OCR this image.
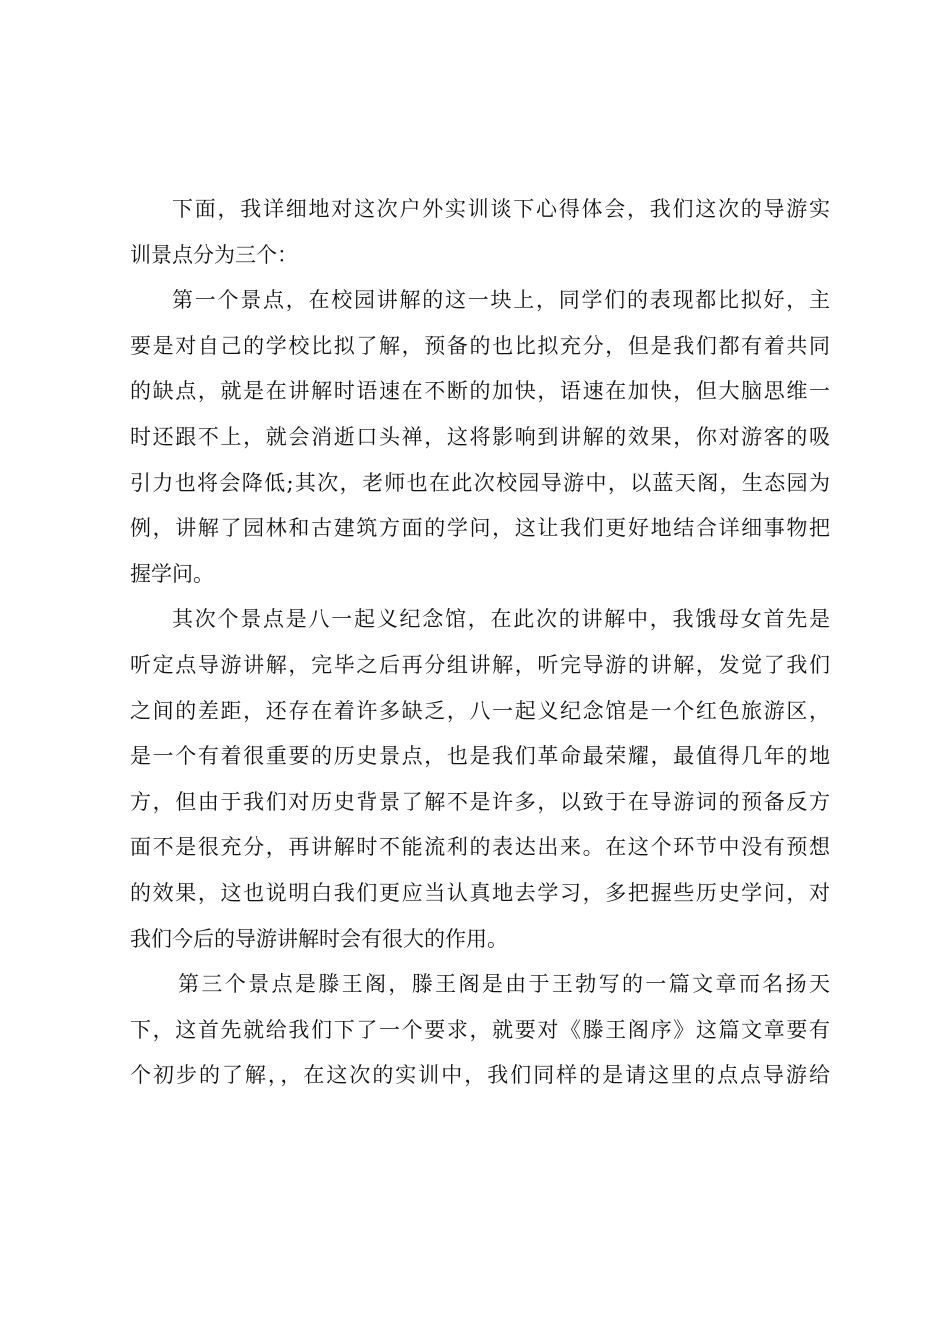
下面，我详细地对这次户外实训谈下心得体会，我们这次的导游实
训景点分为三个：
第一个景点，在校园讲解的这一块上，同学们的表现都比拟好，主
要是对自己的学校比拟了解，预备的也比拟充分，但是我们都有着共同
的缺点，就是在讲解时语速在不断的加快，语速在加快，但大脑思维一
时还跟不上，就会消逝口头禅，这将影响到讲解的效果，你对游客的吸
引力也将会降低;其次，老师也在此次校园导游中，以蓝天阁，生态园为
例，讲解了园林和古建筑方面的学问，这让我们更好地结合详细事物把
握学问。
其次个景点是八一起义纪念馆，在此次的讲解中，我饿母女首先是
听定点导游讲解，完毕之后再分组讲解，听完导游的讲解，发觉了我们
之间的差距，还存在着许多缺乏，八一起义纪念馆是一个红色旅游区，
是一个有着很重要的历史景点，也是我们革命最荣耀，最值得几年的地
方，但由于我们对历史背景了解不是许多，以致于在导游词的预备反方
面不是很充分，再讲解时不能流利的表达出来。在这个环节中没有预想
的效果，这也说明白我们更应当认真地去学习，多把握些历史学问，对
我们今后的导游讲解时会有很大的作用。
第三个景点是滕王阁，滕王阁是由于王勃写的一篇文章而名扬天
下，这首先就给我们下了一个要求，就要对《滕王阁序》这篇文章要有
个初步的了解，，在这次的实训中，我们同样的是请这里的点点导游给
